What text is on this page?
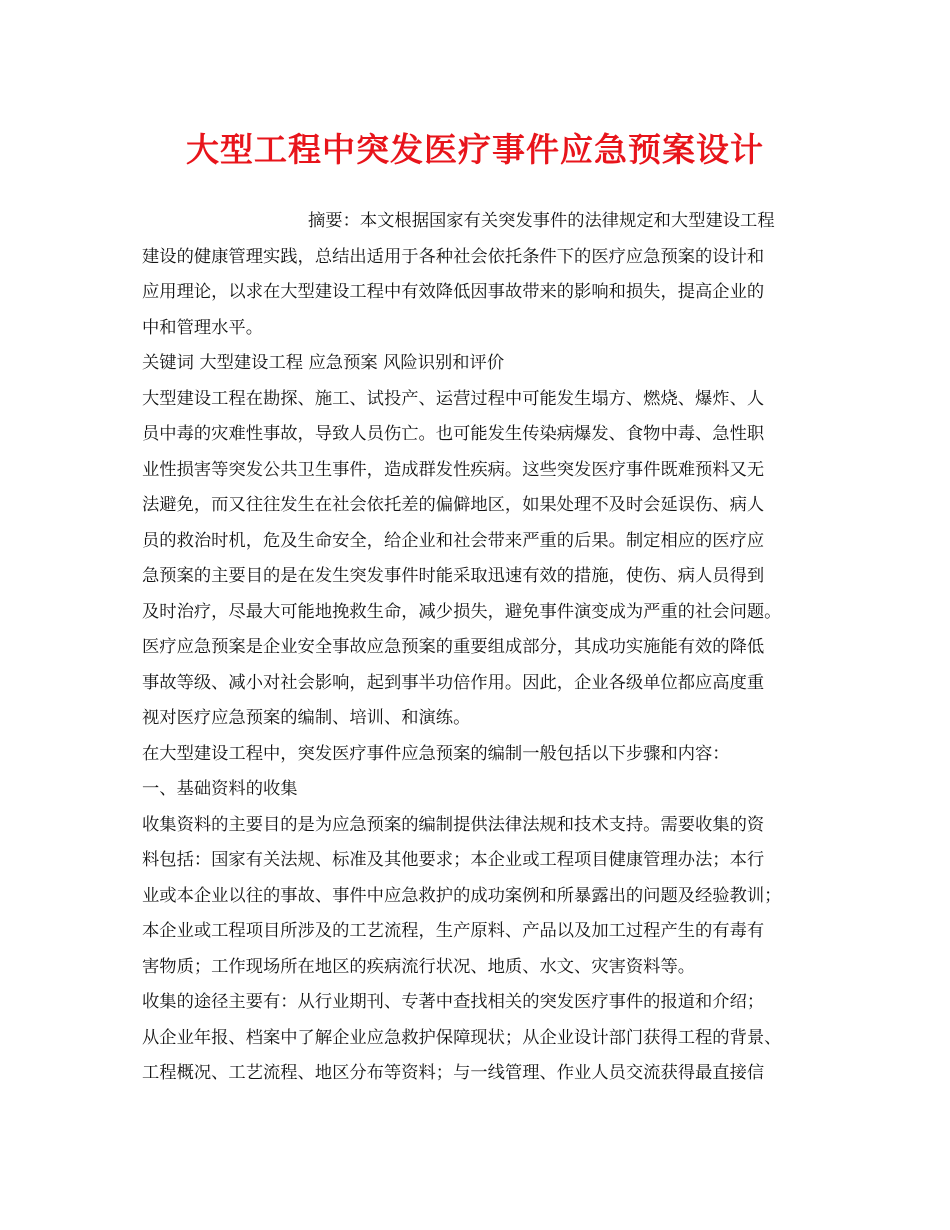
大型工程中突发医疗事件应急预案设计
摘要：本文根据国家有关突发事件的法律规定和大型建设工程
建设的健康管理实践，总结出适用于各种社会依托条件下的医疗应急预案的设计和
应用理论，以求在大型建设工程中有效降低因事故带来的影响和损失，提高企业的
中和管理水平。
关键词 大型建设工程 应急预案 风险识别和评价
大型建设工程在勘探、施工、试投产、运营过程中可能发生塌方、燃烧、爆炸、人
员中毒的灾难性事故，导致人员伤亡。也可能发生传染病爆发、食物中毒、急性职
业性损害等突发公共卫生事件，造成群发性疾病。这些突发医疗事件既难预料又无
法避免，而又往往发生在社会依托差的偏僻地区，如果处理不及时会延误伤、病人
员的救治时机，危及生命安全，给企业和社会带来严重的后果。制定相应的医疗应
急预案的主要目的是在发生突发事件时能采取迅速有效的措施，使伤、病人员得到
及时治疗，尽最大可能地挽救生命，减少损失，避免事件演变成为严重的社会问题。
医疗应急预案是企业安全事故应急预案的重要组成部分，其成功实施能有效的降低
事故等级、减小对社会影响，起到事半功倍作用。因此，企业各级单位都应高度重
视对医疗应急预案的编制、培训、和演练。
在大型建设工程中，突发医疗事件应急预案的编制一般包括以下步骤和内容：
一、基础资料的收集
收集资料的主要目的是为应急预案的编制提供法律法规和技术支持。需要收集的资
料包括：国家有关法规、标准及其他要求；本企业或工程项目健康管理办法；本行
业或本企业以往的事故、事件中应急救护的成功案例和所暴露出的问题及经验教训；
本企业或工程项目所涉及的工艺流程，生产原料、产品以及加工过程产生的有毒有
害物质；工作现场所在地区的疾病流行状况、地质、水文、灾害资料等。
收集的途径主要有：从行业期刊、专著中查找相关的突发医疗事件的报道和介绍；
从企业年报、档案中了解企业应急救护保障现状；从企业设计部门获得工程的背景、
工程概况、工艺流程、地区分布等资料；与一线管理、作业人员交流获得最直接信
